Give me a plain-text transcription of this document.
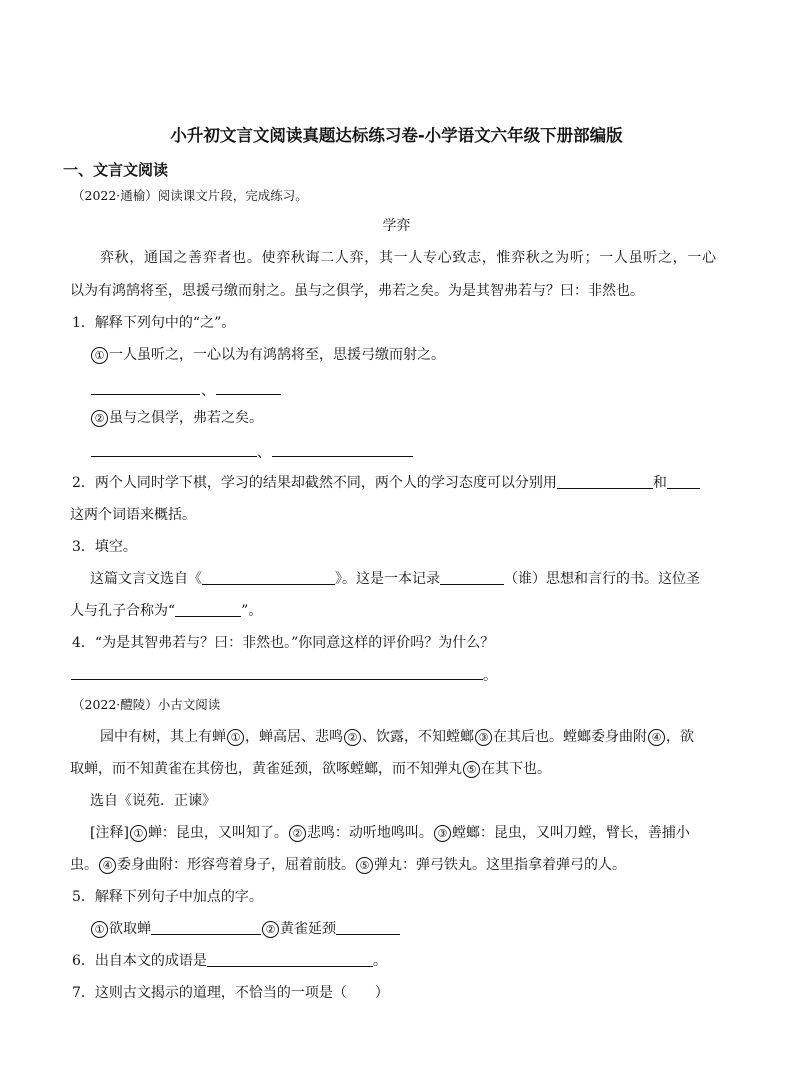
小升初文言文阅读真题达标练习卷-小学语文六年级下册部编版
一、文言文阅读
（2022·通榆）阅读课文片段，完成练习。
学弈
弈秋，通国之善弈者也。使弈秋诲二人弈，其一人专心致志，惟弈秋之为听；一人虽听之，一心
以为有鸿鹄将至，思援弓缴而射之。虽与之俱学，弗若之矣。为是其智弗若与？曰：非然也。
1．解释下列句中的“之”。
① 一人虽听之，一心以为有鸿鹄将至，思援弓缴而射之。
、
② 虽与之俱学，弗若之矣。
、
2．两个人同时学下棋，学习的结果却截然不同，两个人的学习态度可以分别用	和
这两个词语来概括。
3．填空。
这篇文言文选自《	》。这是一本记录	（谁）思想和言行的书。这位圣
人与孔子合称为“	”。
4．“为是其智弗若与？曰：非然也。”你同意这样的评价吗？为什么？
。
（2022·醴陵）小古文阅读
园中有树，其上有蝉 ① ，蝉高居、悲鸣 ② 、饮露，不知螳螂 ③ 在其后也。螳螂委身曲附 ④ ，欲
取蝉，而不知黄雀在其傍也，黄雀延颈，欲啄螳螂，而不知弹丸 ⑤ 在其下也。
选自《说苑．正谏》
[注释] ① 蝉：昆虫，又叫知了。 ② 悲鸣：动听地鸣叫。 ③ 螳螂：昆虫，又叫刀螳，臂长，善捕小
虫。 ④ 委身曲附：形容弯着身子，屈着前肢。 ⑤ 弹丸：弹弓铁丸。这里指拿着弹弓的人。
5．解释下列句子中加点的字。
① 欲取蝉	② 黄雀延颈
6．出自本文的成语是	。
7．这则古文揭示的道理，不恰当的一项是（　　）
